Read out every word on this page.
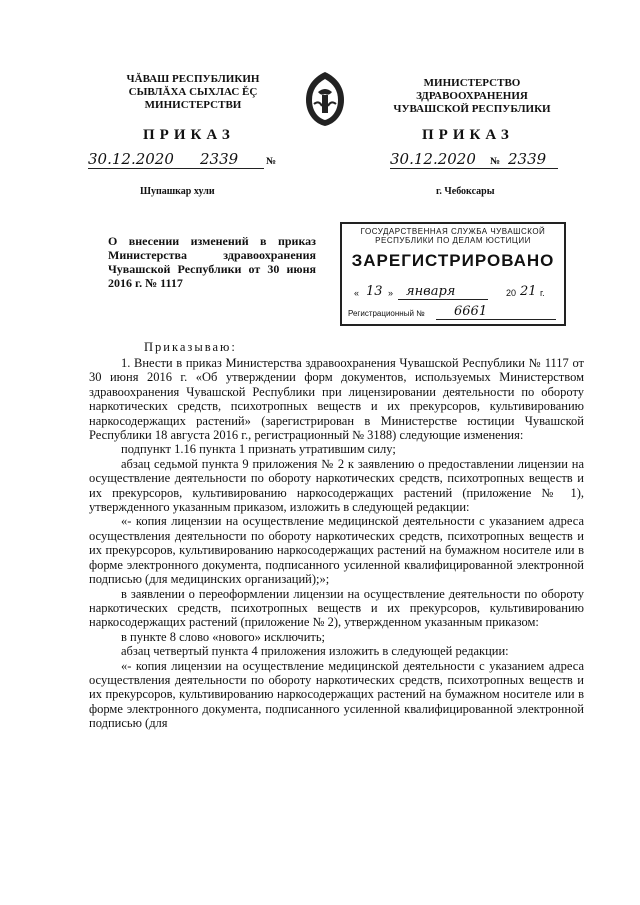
ЧĂВАШ РЕСПУБЛИКИН
СЫВЛĂХА СЫХЛАС ĔÇ
МИНИСТЕРСТВИ
МИНИСТЕРСТВО
ЗДРАВООХРАНЕНИЯ
ЧУВАШСКОЙ РЕСПУБЛИКИ
ПРИКАЗ	ПРИКАЗ
30.12.2020 2339	№	30.12.2020 № 2339
Шупашкар хули	г. Чебоксары
О внесении изменений в приказ Министерства здравоохранения Чувашской Республики от 30 июня 2016 г. № 1117
ГОСУДАРСТВЕННАЯ СЛУЖБА ЧУВАШСКОЙ
РЕСПУБЛИКИ ПО ДЕЛАМ ЮСТИЦИИ
ЗАРЕГИСТРИРОВАНО
« 13 » января	20 21 г.
Регистрационный № 6661
Приказываю:

1. Внести в приказ Министерства здравоохранения Чувашской Республики № 1117 от 30 июня 2016 г. «Об утверждении форм документов, используемых Министерством здравоохранения Чувашской Республики при лицензировании деятельности по обороту наркотических средств, психотропных веществ и их прекурсоров, культивированию наркосодержащих растений» (зарегистрирован в Министерстве юстиции Чувашской Республики 18 августа 2016 г., регистрационный № 3188) следующие изменения:

подпункт 1.16 пункта 1 признать утратившим силу;

абзац седьмой пункта 9 приложения № 2 к заявлению о предоставлении лицензии на осуществление деятельности по обороту наркотических средств, психотропных веществ и их прекурсоров, культивированию наркосодержащих растений (приложение № 1), утвержденного указанным приказом, изложить в следующей редакции:

«- копия лицензии на осуществление медицинской деятельности с указанием адреса осуществления деятельности по обороту наркотических средств, психотропных веществ и их прекурсоров, культивированию наркосодержащих растений на бумажном носителе или в форме электронного документа, подписанного усиленной квалифицированной электронной подписью (для медицинских организаций);»;

в заявлении о переоформлении лицензии на осуществление деятельности по обороту наркотических средств, психотропных веществ и их прекурсоров, культивированию наркосодержащих растений (приложение № 2), утвержденном указанным приказом:

в пункте 8 слово «нового» исключить;

абзац четвертый пункта 4 приложения изложить в следующей редакции:

«- копия лицензии на осуществление медицинской деятельности с указанием адреса осуществления деятельности по обороту наркотических средств, психотропных веществ и их прекурсоров, культивированию наркосодержащих растений на бумажном носителе или в форме электронного документа, подписанного усиленной квалифицированной электронной подписью (для
